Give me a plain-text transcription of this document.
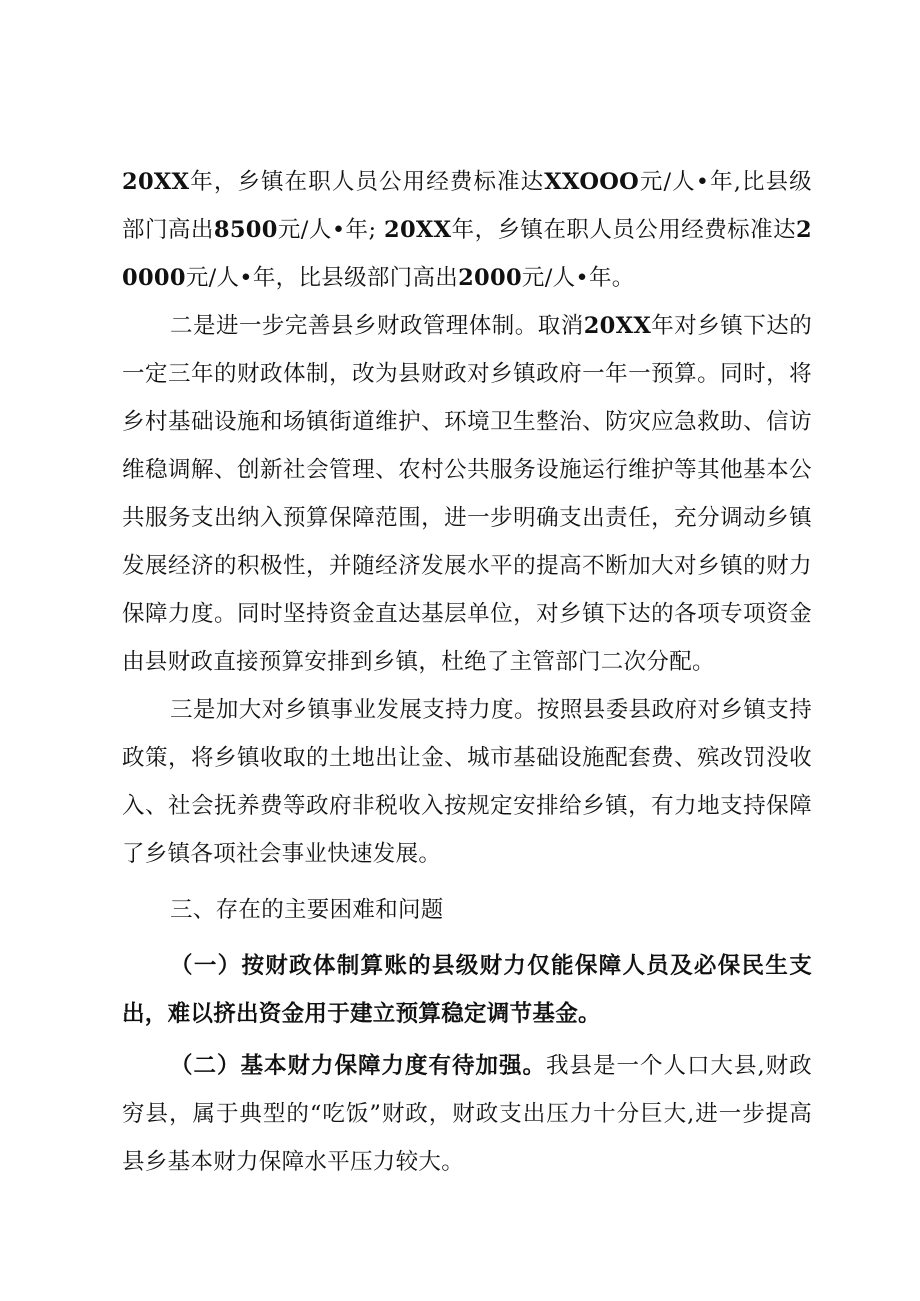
20XX年，乡镇在职人员公用经费标准达XXOOO元/人•年,比县级部门高出8500元/人•年; 20XX年，乡镇在职人员公用经费标准达20000元/人•年，比县级部门高出2000元/人•年。

二是进一步完善县乡财政管理体制。取消20XX年对乡镇下达的一定三年的财政体制，改为县财政对乡镇政府一年一预算。同时，将乡村基础设施和场镇街道维护、环境卫生整治、防灾应急救助、信访维稳调解、创新社会管理、农村公共服务设施运行维护等其他基本公共服务支出纳入预算保障范围，进一步明确支出责任，充分调动乡镇发展经济的积极性，并随经济发展水平的提高不断加大对乡镇的财力保障力度。同时坚持资金直达基层单位，对乡镇下达的各项专项资金由县财政直接预算安排到乡镇，杜绝了主管部门二次分配。

三是加大对乡镇事业发展支持力度。按照县委县政府对乡镇支持政策，将乡镇收取的土地出让金、城市基础设施配套费、殡改罚没收入、社会抚养费等政府非税收入按规定安排给乡镇，有力地支持保障了乡镇各项社会事业快速发展。

三、存在的主要困难和问题

（一）按财政体制算账的县级财力仅能保障人员及必保民生支出，难以挤出资金用于建立预算稳定调节基金。

（二）基本财力保障力度有待加强。我县是一个人口大县,财政穷县，属于典型的“吃饭”财政，财政支出压力十分巨大,进一步提高县乡基本财力保障水平压力较大。
